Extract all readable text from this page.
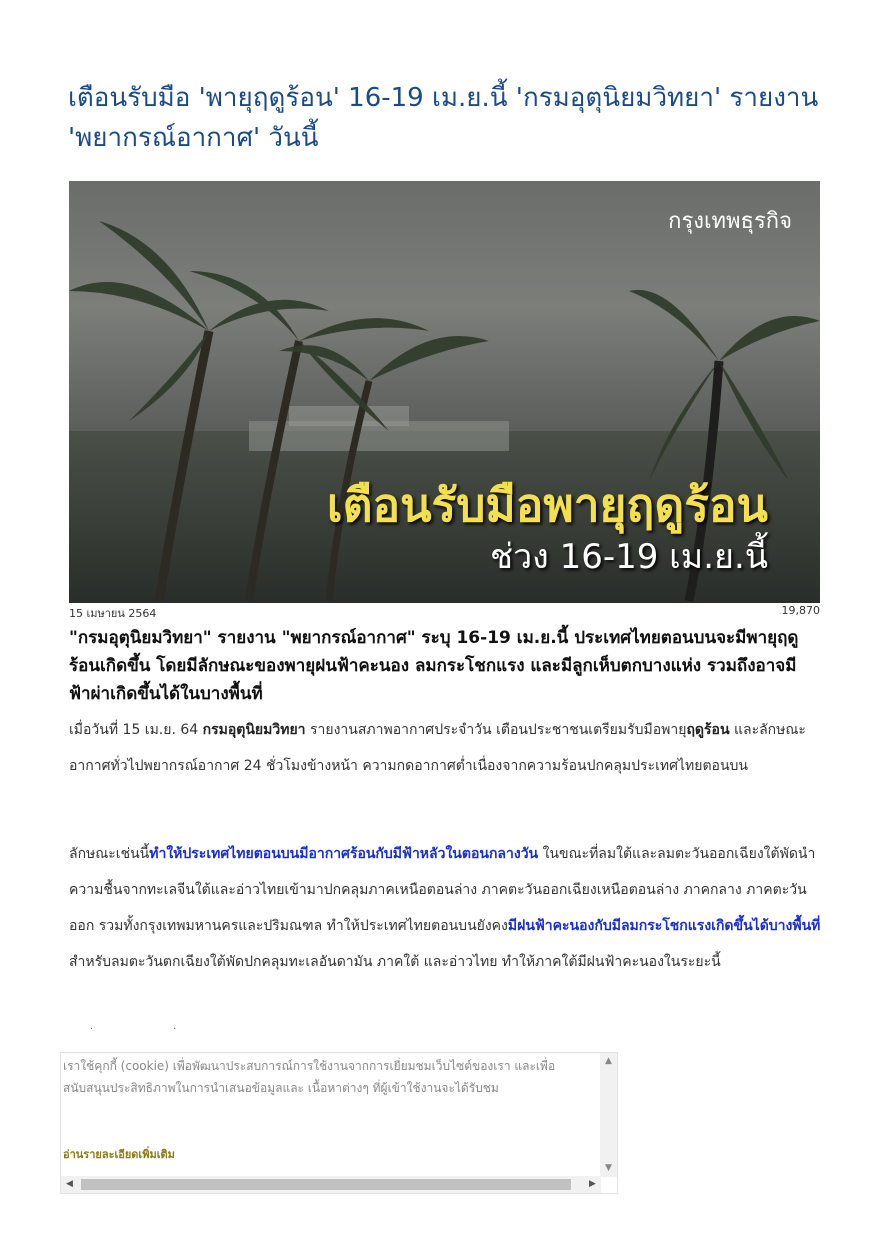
เตือนรับมือ 'พายุฤดูร้อน' 16-19 เม.ย.นี้ 'กรมอุตุนิยมวิทยา' รายงาน 'พยากรณ์อากาศ' วันนี้
กรุงเทพธุรกิจ
เตือนรับมือพายุฤดูร้อน
ช่วง 16-19 เม.ย.นี้
15 เมษายน 2564	19,870

"กรมอุตุนิยมวิทยา" รายงาน "พยากรณ์อากาศ" ระบุ 16-19 เม.ย.นี้ ประเทศไทยตอนบนจะมีพายุฤดูร้อนเกิดขึ้น โดยมีลักษณะของพายุฝนฟ้าคะนอง ลมกระโชกแรง และมีลูกเห็บตกบางแห่ง รวมถึงอาจมีฟ้าผ่าเกิดขึ้นได้ในบางพื้นที่

เมื่อวันที่ 15 เม.ย. 64 กรมอุตุนิยมวิทยา รายงานสภาพอากาศประจำวัน เตือนประชาชนเตรียมรับมือพายุฤดูร้อน และลักษณะอากาศทั่วไปพยากรณ์อากาศ 24 ชั่วโมงข้างหน้า ความกดอากาศต่ำเนื่องจากความร้อนปกคลุมประเทศไทยตอนบน

ลักษณะเช่นนี้ทำให้ประเทศไทยตอนบนมีอากาศร้อนกับมีฟ้าหลัวในตอนกลางวัน ในขณะที่ลมใต้และลมตะวันออกเฉียงใต้พัดนำความชื้นจากทะเลจีนใต้และอ่าวไทยเข้ามาปกคลุมภาคเหนือตอนล่าง ภาคตะวันออกเฉียงเหนือตอนล่าง ภาคกลาง ภาคตะวันออก รวมทั้งกรุงเทพมหานครและปริมณฑล ทำให้ประเทศไทยตอนบนยังคงมีฝนฟ้าคะนองกับมีลมกระโชกแรงเกิดขึ้นได้บางพื้นที่ สำหรับลมตะวันตกเฉียงใต้พัดปกคลุมทะเลอันดามัน ภาคใต้ และอ่าวไทย ทำให้ภาคใต้มีฝนฟ้าคะนองในระยะนี้

··
เราใช้คุกกี้ (cookie) เพื่อพัฒนาประสบการณ์การใช้งานจากการเยี่ยมชมเว็บไซต์ของเรา และเพื่อสนับสนุนประสิทธิภาพในการนำเสนอข้อมูลและ เนื้อหาต่างๆ ที่ผู้เข้าใช้งานจะได้รับชม
อ่านรายละเอียดเพิ่มเติม
▲
▼
◀	▶
